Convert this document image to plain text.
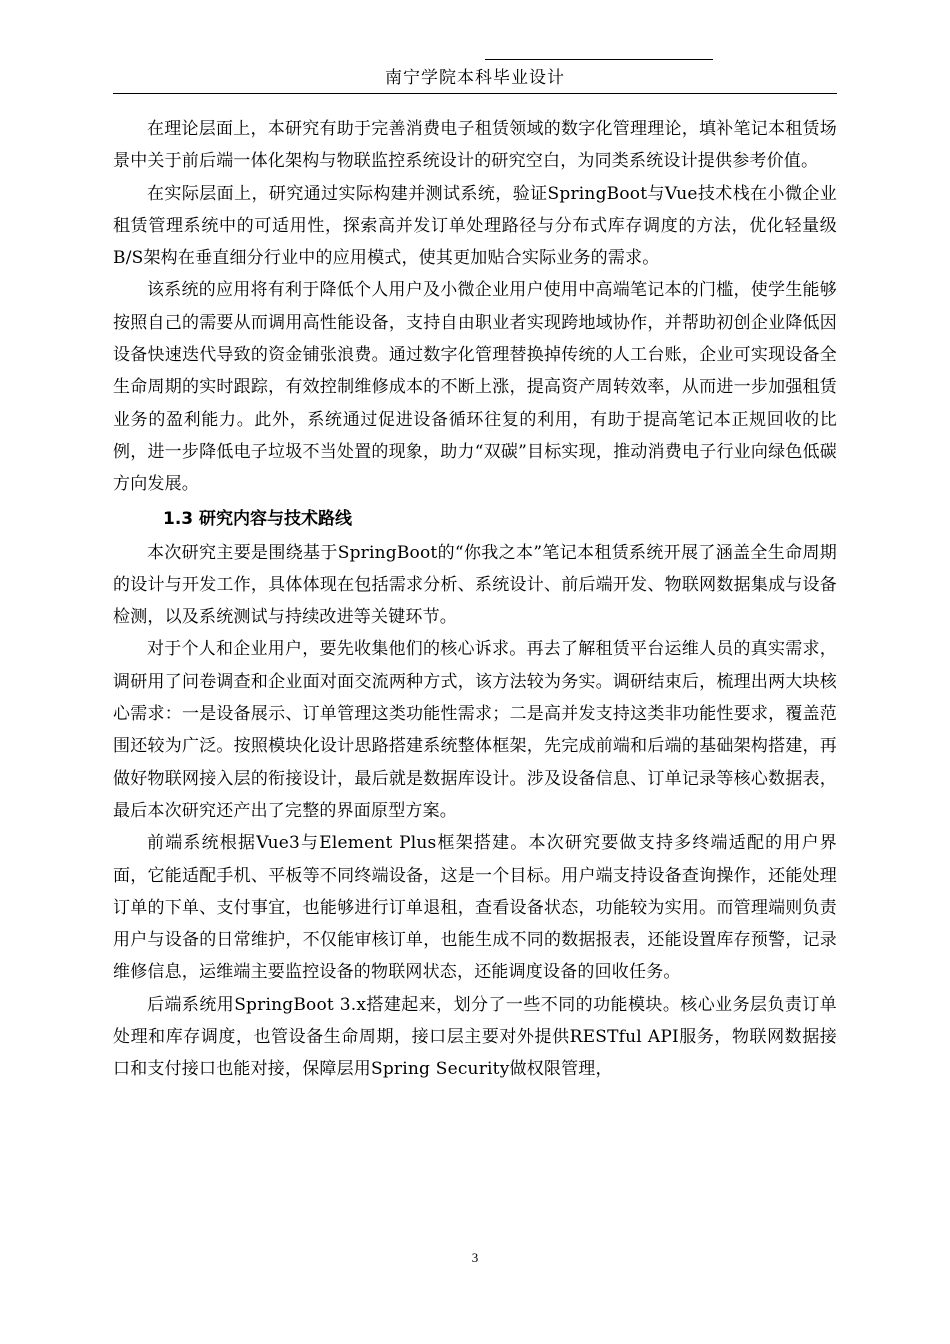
南宁学院本科毕业设计

在理论层面上，本研究有助于完善消费电子租赁领域的数字化管理理论，填补笔记本租赁场景中关于前后端一体化架构与物联监控系统设计的研究空白，为同类系统设计提供参考价值。

在实际层面上，研究通过实际构建并测试系统，验证SpringBoot与Vue技术栈在小微企业租赁管理系统中的可适用性，探索高并发订单处理路径与分布式库存调度的方法，优化轻量级B/S架构在垂直细分行业中的应用模式，使其更加贴合实际业务的需求。

该系统的应用将有利于降低个人用户及小微企业用户使用中高端笔记本的门槛，使学生能够按照自己的需要从而调用高性能设备，支持自由职业者实现跨地域协作，并帮助初创企业降低因设备快速迭代导致的资金铺张浪费。通过数字化管理替换掉传统的人工台账，企业可实现设备全生命周期的实时跟踪，有效控制维修成本的不断上涨，提高资产周转效率，从而进一步加强租赁业务的盈利能力。此外，系统通过促进设备循环往复的利用，有助于提高笔记本正规回收的比例，进一步降低电子垃圾不当处置的现象，助力“双碳”目标实现，推动消费电子行业向绿色低碳方向发展。

1.3 研究内容与技术路线

本次研究主要是围绕基于SpringBoot的“你我之本”笔记本租赁系统开展了涵盖全生命周期的设计与开发工作，具体体现在包括需求分析、系统设计、前后端开发、物联网数据集成与设备检测，以及系统测试与持续改进等关键环节。

对于个人和企业用户，要先收集他们的核心诉求。再去了解租赁平台运维人员的真实需求，调研用了问卷调查和企业面对面交流两种方式，该方法较为务实。调研结束后，梳理出两大块核心需求：一是设备展示、订单管理这类功能性需求；二是高并发支持这类非功能性要求，覆盖范围还较为广泛。按照模块化设计思路搭建系统整体框架，先完成前端和后端的基础架构搭建，再做好物联网接入层的衔接设计，最后就是数据库设计。涉及设备信息、订单记录等核心数据表，最后本次研究还产出了完整的界面原型方案。

前端系统根据Vue3与Element Plus框架搭建。本次研究要做支持多终端适配的用户界面，它能适配手机、平板等不同终端设备，这是一个目标。用户端支持设备查询操作，还能处理订单的下单、支付事宜，也能够进行订单退租，查看设备状态，功能较为实用。而管理端则负责用户与设备的日常维护，不仅能审核订单，也能生成不同的数据报表，还能设置库存预警，记录维修信息，运维端主要监控设备的物联网状态，还能调度设备的回收任务。

后端系统用SpringBoot 3.x搭建起来，划分了一些不同的功能模块。核心业务层负责订单处理和库存调度，也管设备生命周期，接口层主要对外提供RESTful API服务，物联网数据接口和支付接口也能对接，保障层用Spring Security做权限管理，

3
